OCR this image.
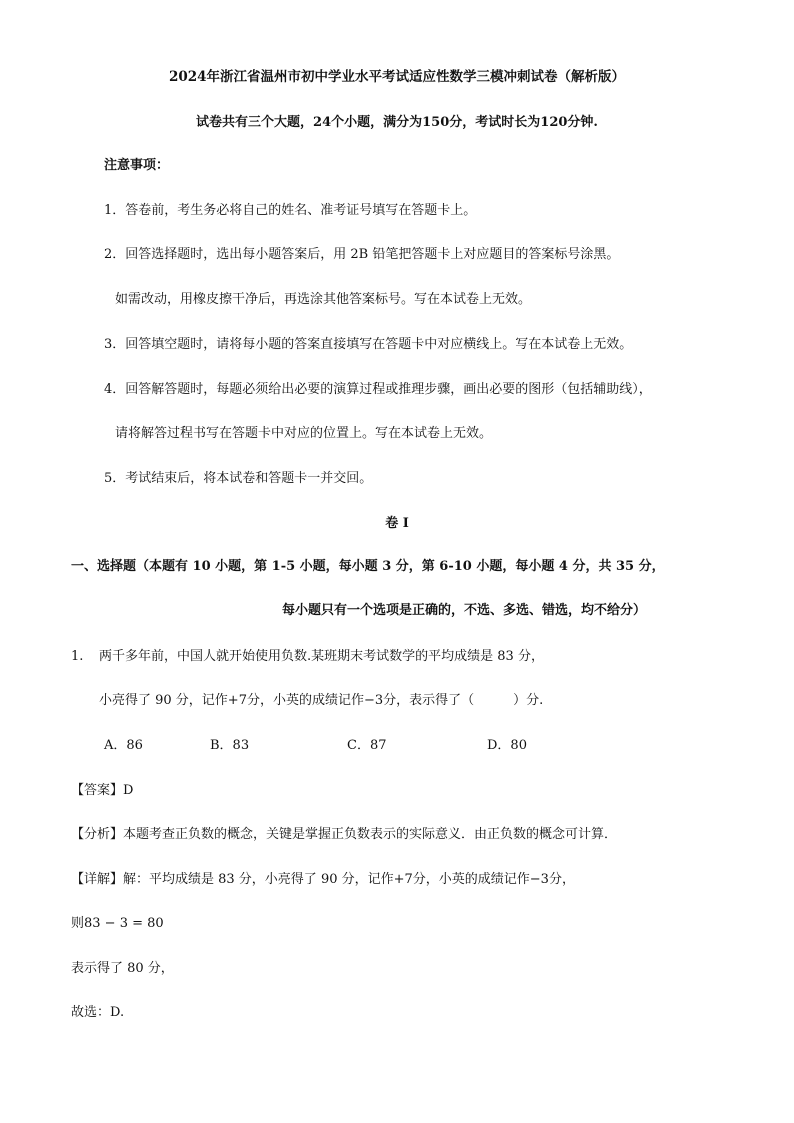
2024年浙江省温州市初中学业水平考试适应性数学三模冲刺试卷（解析版）
试卷共有三个大题，24个小题，满分为150分，考试时长为120分钟.
注意事项：
1．答卷前，考生务必将自己的姓名、准考证号填写在答题卡上。
2．回答选择题时，选出每小题答案后，用 2B 铅笔把答题卡上对应题目的答案标号涂黑。
如需改动，用橡皮擦干净后，再选涂其他答案标号。写在本试卷上无效。
3．回答填空题时，请将每小题的答案直接填写在答题卡中对应横线上。写在本试卷上无效。
4．回答解答题时，每题必须给出必要的演算过程或推理步骤，画出必要的图形（包括辅助线），
请将解答过程书写在答题卡中对应的位置上。写在本试卷上无效。
5．考试结束后，将本试卷和答题卡一并交回。
卷 I
一、选择题（本题有 10 小题，第 1-5 小题，每小题 3 分，第 6-10 小题，每小题 4 分，共 35 分，
每小题只有一个选项是正确的，不选、多选、错选，均不给分）
1. 两千多年前，中国人就开始使用负数.某班期末考试数学的平均成绩是 83 分，
小亮得了 90 分，记作+7分，小英的成绩记作−3分，表示得了（　　　）分.
A．86	B．83	C．87	D．80
【答案】D
【分析】本题考查正负数的概念，关键是掌握正负数表示的实际意义．由正负数的概念可计算．
【详解】解：平均成绩是 83 分，小亮得了 90 分，记作+7分，小英的成绩记作−3分，
则83 − 3 = 80
表示得了 80 分，
故选：D.
